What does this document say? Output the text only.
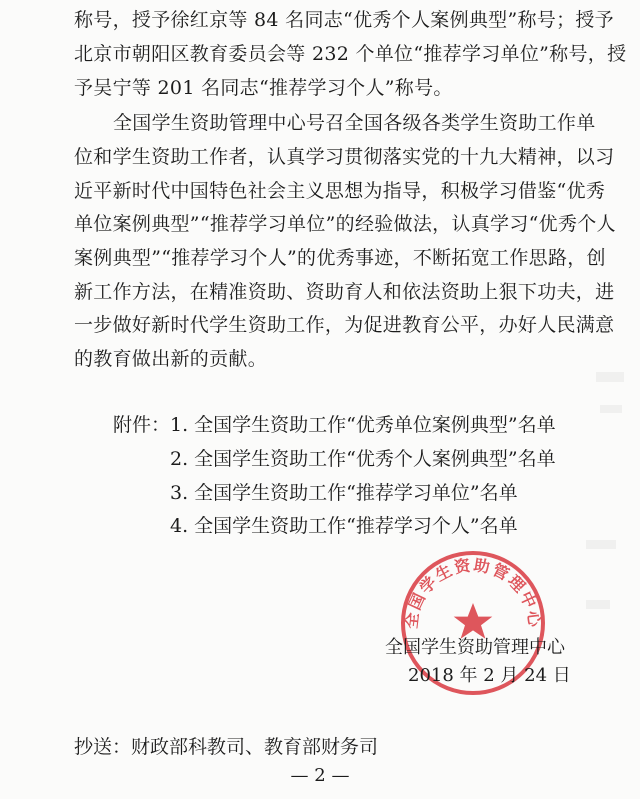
称号，授予徐红京等 84 名同志“优秀个人案例典型”称号；授予
北京市朝阳区教育委员会等 232 个单位“推荐学习单位”称号，授
予吴宁等 201 名同志“推荐学习个人”称号。
全国学生资助管理中心号召全国各级各类学生资助工作单
位和学生资助工作者，认真学习贯彻落实党的十九大精神，以习
近平新时代中国特色社会主义思想为指导，积极学习借鉴“优秀
单位案例典型”“推荐学习单位”的经验做法，认真学习“优秀个人
案例典型”“推荐学习个人”的优秀事迹，不断拓宽工作思路，创
新工作方法，在精准资助、资助育人和依法资助上狠下功夫，进
一步做好新时代学生资助工作，为促进教育公平，办好人民满意
的教育做出新的贡献。
附件： 1. 全国学生资助工作“优秀单位案例典型”名单
2. 全国学生资助工作“优秀个人案例典型”名单
3. 全国学生资助工作“推荐学习单位”名单
4. 全国学生资助工作“推荐学习个人”名单
全国学生资助管理中心
全国学生资助管理中心
2018 年 2 月 24 日
抄送：财政部科教司、教育部财务司
— 2 —
